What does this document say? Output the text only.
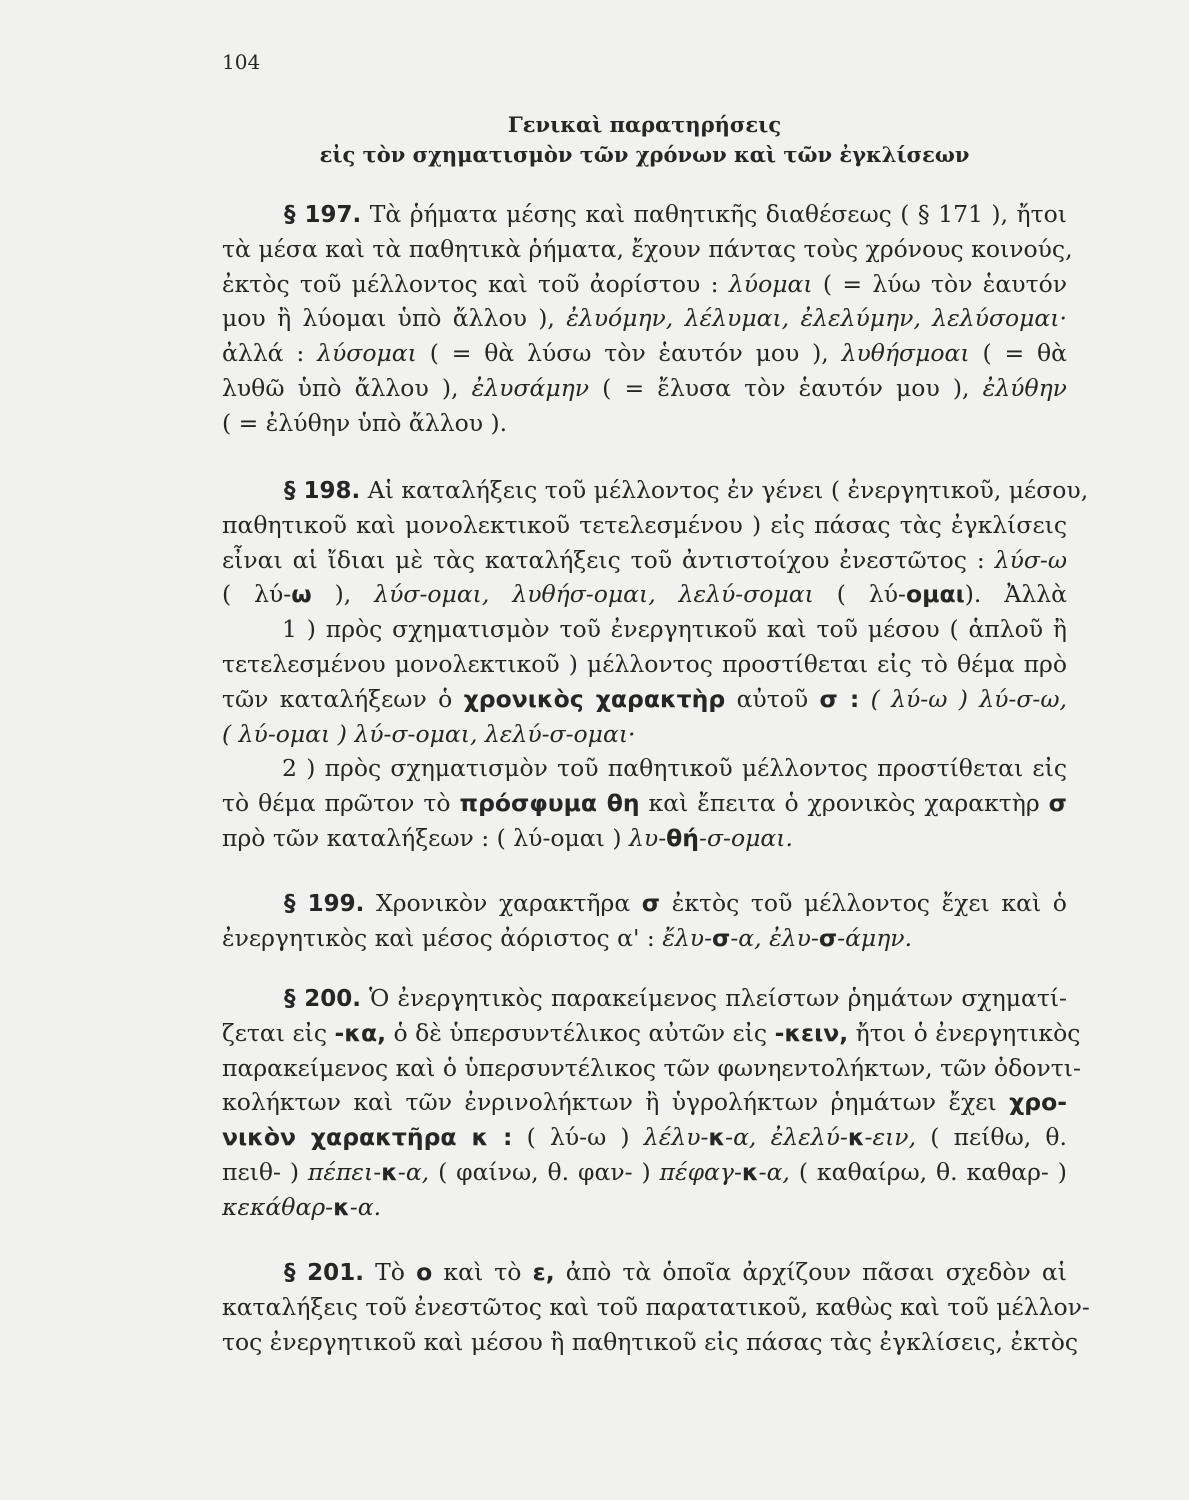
104
Γενικαὶ παρατηρήσεις
εἰς τὸν σχηματισμὸν τῶν χρόνων καὶ τῶν ἐγκλίσεων
§ 197. Τὰ ῥήματα μέσης καὶ παθητικῆς διαθέσεως ( § 171 ), ἤτοι
τὰ μέσα καὶ τὰ παθητικὰ ῥήματα, ἔχουν πάντας τοὺς χρόνους κοινούς,
ἐκτὸς τοῦ μέλλοντος καὶ τοῦ ἀορίστου : λύομαι ( = λύω τὸν ἑαυτόν
μου ἢ λύομαι ὑπὸ ἄλλου ), ἐλυόμην, λέλυμαι, ἐλελύμην, λελύσομαι·
ἀλλά : λύσομαι ( = θὰ λύσω τὸν ἑαυτόν μου ), λυθήσμοαι ( = θὰ
λυθῶ ὑπὸ ἄλλου ), ἐλυσάμην ( = ἔλυσα τὸν ἑαυτόν μου ), ἐλύθην
( = ἐλύθην ὑπὸ ἄλλου ).
§ 198. Αἱ καταλήξεις τοῦ μέλλοντος ἐν γένει ( ἐνεργητικοῦ, μέσου,
παθητικοῦ καὶ μονολεκτικοῦ τετελεσμένου ) εἰς πάσας τὰς ἐγκλίσεις
εἶναι αἱ ἴδιαι μὲ τὰς καταλήξεις τοῦ ἀντιστοίχου ἐνεστῶτος : λύσ-ω
( λύ-ω ), λύσ-ομαι, λυθήσ-ομαι, λελύ-σομαι ( λύ-ομαι). Ἀλλὰ
1 ) πρὸς σχηματισμὸν τοῦ ἐνεργητικοῦ καὶ τοῦ μέσου ( ἁπλοῦ ἢ
τετελεσμένου μονολεκτικοῦ ) μέλλοντος προστίθεται εἰς τὸ θέμα πρὸ
τῶν καταλήξεων ὁ χρονικὸς χαρακτὴρ αὐτοῦ σ : ( λύ-ω ) λύ-σ-ω,
( λύ-ομαι ) λύ-σ-ομαι, λελύ-σ-ομαι·
2 ) πρὸς σχηματισμὸν τοῦ παθητικοῦ μέλλοντος προστίθεται εἰς
τὸ θέμα πρῶτον τὸ πρόσφυμα θη καὶ ἔπειτα ὁ χρονικὸς χαρακτὴρ σ
πρὸ τῶν καταλήξεων : ( λύ-ομαι ) λυ-θή-σ-ομαι.
§ 199. Χρονικὸν χαρακτῆρα σ ἐκτὸς τοῦ μέλλοντος ἔχει καὶ ὁ
ἐνεργητικὸς καὶ μέσος ἀόριστος α' : ἔλυ-σ-α, ἐλυ-σ-άμην.
§ 200. Ὁ ἐνεργητικὸς παρακείμενος πλείστων ῥημάτων σχηματί-
ζεται εἰς -κα, ὁ δὲ ὑπερσυντέλικος αὐτῶν εἰς -κειν, ἤτοι ὁ ἐνεργητικὸς
παρακείμενος καὶ ὁ ὑπερσυντέλικος τῶν φωνηεντολήκτων, τῶν ὀδοντι-
κολήκτων καὶ τῶν ἐνρινολήκτων ἢ ὑγρολήκτων ῥημάτων ἔχει χρο-
νικὸν χαρακτῆρα κ : ( λύ-ω ) λέλυ-κ-α, ἐλελύ-κ-ειν, ( πείθω, θ.
πειθ- ) πέπει-κ-α, ( φαίνω, θ. φαν- ) πέφαγ-κ-α, ( καθαίρω, θ. καθαρ- )
κεκάθαρ-κ-α.
§ 201. Τὸ ο καὶ τὸ ε, ἀπὸ τὰ ὁποῖα ἀρχίζουν πᾶσαι σχεδὸν αἱ
καταλήξεις τοῦ ἐνεστῶτος καὶ τοῦ παρατατικοῦ, καθὼς καὶ τοῦ μέλλον-
τος ἐνεργητικοῦ καὶ μέσου ἢ παθητικοῦ εἰς πάσας τὰς ἐγκλίσεις, ἐκτὸς
